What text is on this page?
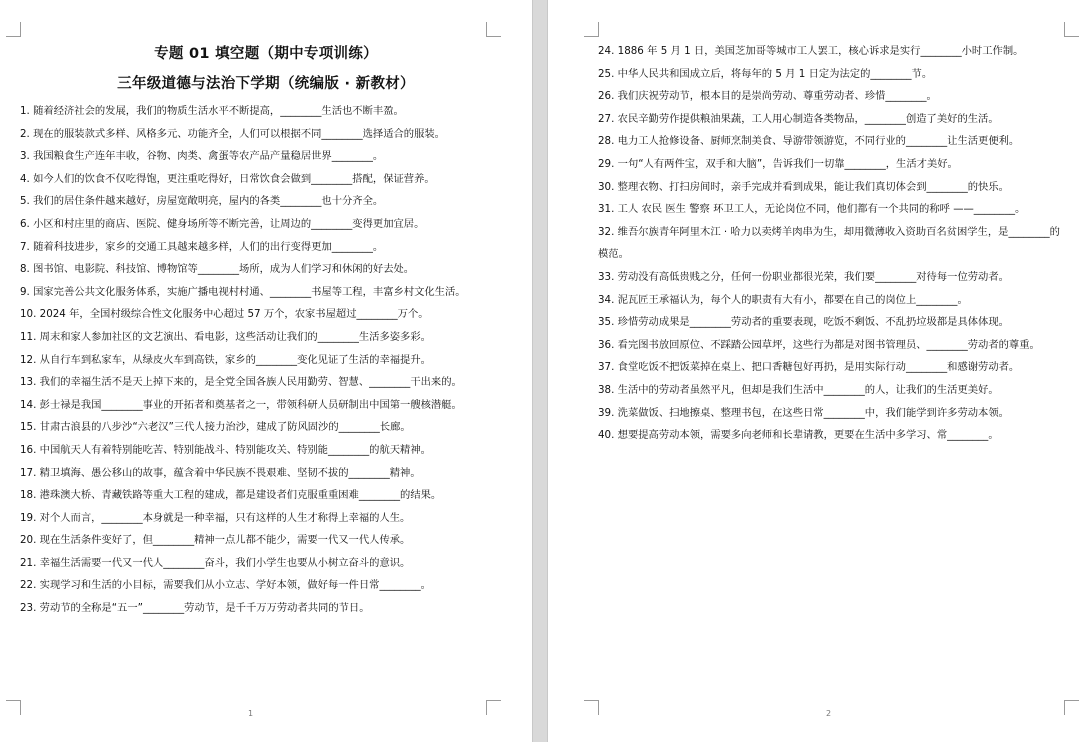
专题 01 填空题（期中专项训练）
三年级道德与法治下学期（统编版 · 新教材）
1. 随着经济社会的发展，我们的物质生活水平不断提高，________生活也不断丰盈。
2. 现在的服装款式多样、风格多元、功能齐全，人们可以根据不同________选择适合的服装。
3. 我国粮食生产连年丰收，谷物、肉类、禽蛋等农产品产量稳居世界________。
4. 如今人们的饮食不仅吃得饱，更注重吃得好，日常饮食会做到________搭配，保证营养。
5. 我们的居住条件越来越好，房屋宽敞明亮，屋内的各类________也十分齐全。
6. 小区和村庄里的商店、医院、健身场所等不断完善，让周边的________变得更加宜居。
7. 随着科技进步，家乡的交通工具越来越多样，人们的出行变得更加________。
8. 图书馆、电影院、科技馆、博物馆等________场所，成为人们学习和休闲的好去处。
9. 国家完善公共文化服务体系，实施广播电视村村通、________书屋等工程，丰富乡村文化生活。
10. 2024 年，全国村级综合性文化服务中心超过 57 万个，农家书屋超过________万个。
11. 周末和家人参加社区的文艺演出、看电影，这些活动让我们的________生活多姿多彩。
12. 从自行车到私家车，从绿皮火车到高铁，家乡的________变化见证了生活的幸福提升。
13. 我们的幸福生活不是天上掉下来的，是全党全国各族人民用勤劳、智慧、________干出来的。
14. 彭士禄是我国________事业的开拓者和奠基者之一，带领科研人员研制出中国第一艘核潜艇。
15. 甘肃古浪县的八步沙“六老汉”三代人接力治沙，建成了防风固沙的________长廊。
16. 中国航天人有着特别能吃苦、特别能战斗、特别能攻关、特别能________的航天精神。
17. 精卫填海、愚公移山的故事，蕴含着中华民族不畏艰难、坚韧不拔的________精神。
18. 港珠澳大桥、青藏铁路等重大工程的建成，都是建设者们克服重重困难________的结果。
19. 对个人而言，________本身就是一种幸福，只有这样的人生才称得上幸福的人生。
20. 现在生活条件变好了，但________精神一点儿都不能少，需要一代又一代人传承。
21. 幸福生活需要一代又一代人________奋斗，我们小学生也要从小树立奋斗的意识。
22. 实现学习和生活的小目标，需要我们从小立志、学好本领，做好每一件日常________。
23. 劳动节的全称是“五一”________劳动节，是千千万万劳动者共同的节日。
1
24. 1886 年 5 月 1 日，美国芝加哥等城市工人罢工，核心诉求是实行________小时工作制。
25. 中华人民共和国成立后，将每年的 5 月 1 日定为法定的________节。
26. 我们庆祝劳动节，根本目的是崇尚劳动、尊重劳动者、珍惜________。
27. 农民辛勤劳作提供粮油果蔬，工人用心制造各类物品，________创造了美好的生活。
28. 电力工人抢修设备、厨师烹制美食、导游带领游览，不同行业的________让生活更便利。
29. 一句“人有两件宝，双手和大脑”，告诉我们一切靠________，生活才美好。
30. 整理衣物、打扫房间时，亲手完成并看到成果，能让我们真切体会到________的快乐。
31. 工人 农民 医生 警察 环卫工人，无论岗位不同，他们都有一个共同的称呼 ——________。
32. 维吾尔族青年阿里木江 · 哈力以卖烤羊肉串为生，却用微薄收入资助百名贫困学生，是________的模范。
33. 劳动没有高低贵贱之分，任何一份职业都很光荣，我们要________对待每一位劳动者。
34. 泥瓦匠王承福认为，每个人的职责有大有小，都要在自己的岗位上________。
35. 珍惜劳动成果是________劳动者的重要表现，吃饭不剩饭、不乱扔垃圾都是具体体现。
36. 看完图书放回原位、不踩踏公园草坪，这些行为都是对图书管理员、________劳动者的尊重。
37. 食堂吃饭不把饭菜掉在桌上、把口香糖包好再扔，是用实际行动________和感谢劳动者。
38. 生活中的劳动者虽然平凡，但却是我们生活中________的人，让我们的生活更美好。
39. 洗菜做饭、扫地擦桌、整理书包，在这些日常________中，我们能学到许多劳动本领。
40. 想要提高劳动本领，需要多向老师和长辈请教，更要在生活中多学习、常________。
2
